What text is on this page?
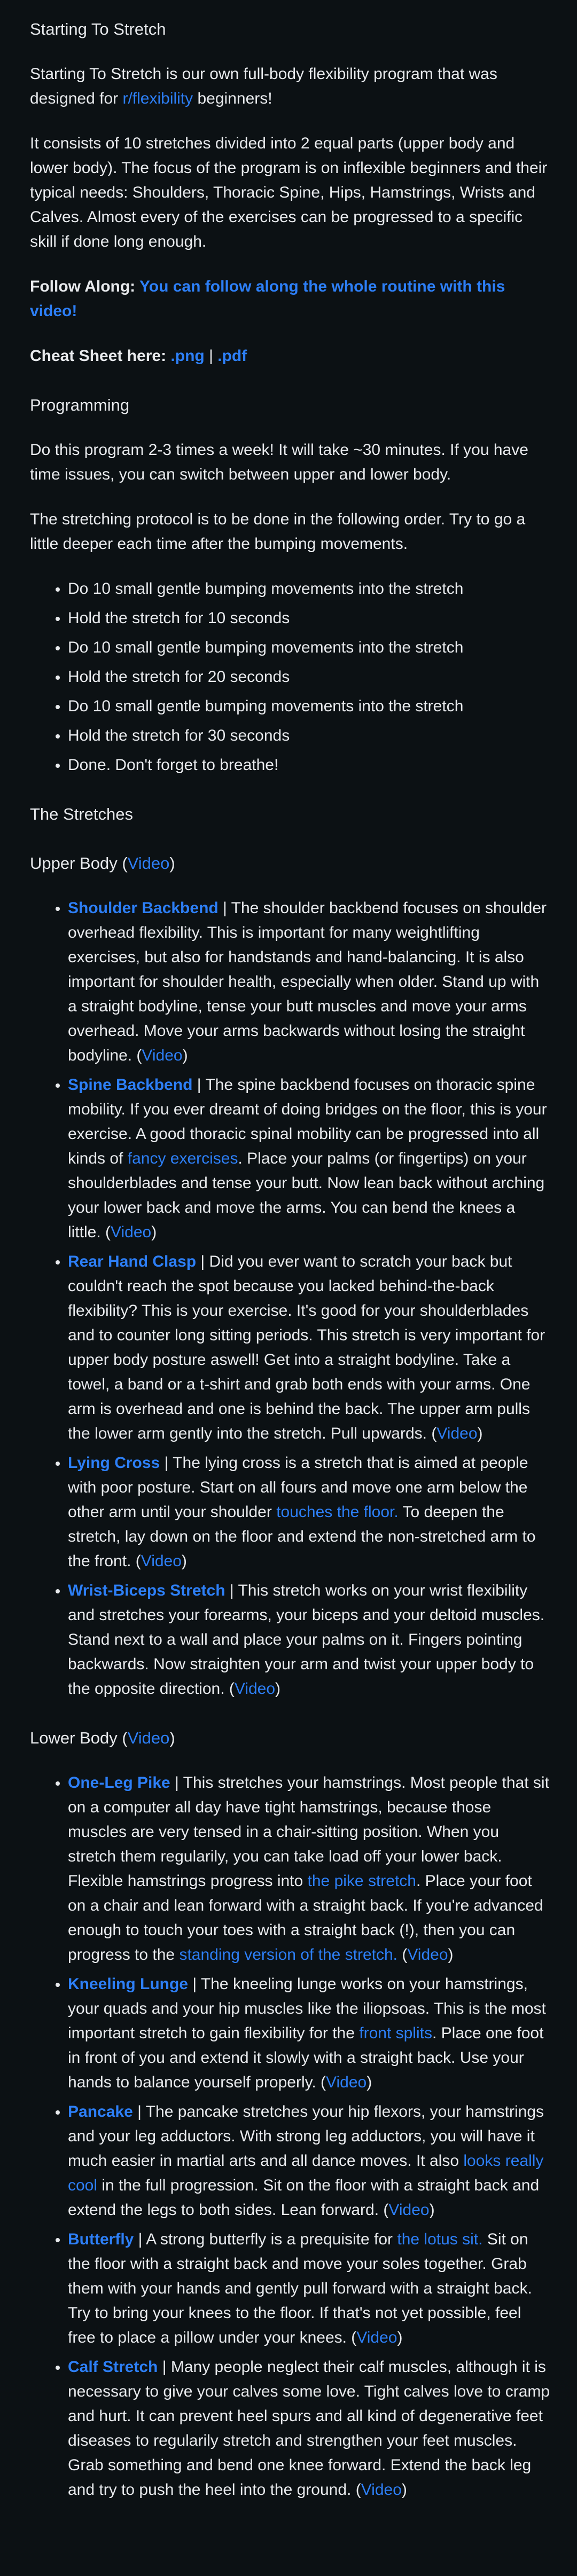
Starting To Stretch

Starting To Stretch is our own full-body flexibility program that was designed for r/flexibility beginners!

It consists of 10 stretches divided into 2 equal parts (upper body and lower body). The focus of the program is on inflexible beginners and their typical needs: Shoulders, Thoracic Spine, Hips, Hamstrings, Wrists and Calves. Almost every of the exercises can be progressed to a specific skill if done long enough.

Follow Along: You can follow along the whole routine with this video!

Cheat Sheet here: .png | .pdf

Programming

Do this program 2-3 times a week! It will take ~30 minutes. If you have time issues, you can switch between upper and lower body.

The stretching protocol is to be done in the following order. Try to go a little deeper each time after the bumping movements.

• Do 10 small gentle bumping movements into the stretch
• Hold the stretch for 10 seconds
• Do 10 small gentle bumping movements into the stretch
• Hold the stretch for 20 seconds
• Do 10 small gentle bumping movements into the stretch
• Hold the stretch for 30 seconds
• Done. Don't forget to breathe!
The Stretches
Upper Body (Video)
• Shoulder Backbend | The shoulder backbend focuses on shoulder overhead flexibility. This is important for many weightlifting exercises, but also for handstands and hand-balancing. It is also important for shoulder health, especially when older. Stand up with a straight bodyline, tense your butt muscles and move your arms overhead. Move your arms backwards without losing the straight bodyline. (Video)
• Spine Backbend | The spine backbend focuses on thoracic spine mobility. If you ever dreamt of doing bridges on the floor, this is your exercise. A good thoracic spinal mobility can be progressed into all kinds of fancy exercises. Place your palms (or fingertips) on your shoulderblades and tense your butt. Now lean back without arching your lower back and move the arms. You can bend the knees a little. (Video)
• Rear Hand Clasp | Did you ever want to scratch your back but couldn't reach the spot because you lacked behind-the-back flexibility? This is your exercise. It's good for your shoulderblades and to counter long sitting periods. This stretch is very important for upper body posture aswell! Get into a straight bodyline. Take a towel, a band or a t-shirt and grab both ends with your arms. One arm is overhead and one is behind the back. The upper arm pulls the lower arm gently into the stretch. Pull upwards. (Video)
• Lying Cross | The lying cross is a stretch that is aimed at people with poor posture. Start on all fours and move one arm below the other arm until your shoulder touches the floor. To deepen the stretch, lay down on the floor and extend the non-stretched arm to the front. (Video)
• Wrist-Biceps Stretch | This stretch works on your wrist flexibility and stretches your forearms, your biceps and your deltoid muscles. Stand next to a wall and place your palms on it. Fingers pointing backwards. Now straighten your arm and twist your upper body to the opposite direction. (Video)
Lower Body (Video)
• One-Leg Pike | This stretches your hamstrings. Most people that sit on a computer all day have tight hamstrings, because those muscles are very tensed in a chair-sitting position. When you stretch them regularily, you can take load off your lower back. Flexible hamstrings progress into the pike stretch. Place your foot on a chair and lean forward with a straight back. If you're advanced enough to touch your toes with a straight back (!), then you can progress to the standing version of the stretch. (Video)
• Kneeling Lunge | The kneeling lunge works on your hamstrings, your quads and your hip muscles like the iliopsoas. This is the most important stretch to gain flexibility for the front splits. Place one foot in front of you and extend it slowly with a straight back. Use your hands to balance yourself properly. (Video)
• Pancake | The pancake stretches your hip flexors, your hamstrings and your leg adductors. With strong leg adductors, you will have it much easier in martial arts and all dance moves. It also looks really cool in the full progression. Sit on the floor with a straight back and extend the legs to both sides. Lean forward. (Video)
• Butterfly | A strong butterfly is a prequisite for the lotus sit. Sit on the floor with a straight back and move your soles together. Grab them with your hands and gently pull forward with a straight back. Try to bring your knees to the floor. If that's not yet possible, feel free to place a pillow under your knees. (Video)
• Calf Stretch | Many people neglect their calf muscles, although it is necessary to give your calves some love. Tight calves love to cramp and hurt. It can prevent heel spurs and all kind of degenerative feet diseases to regularily stretch and strengthen your feet muscles. Grab something and bend one knee forward. Extend the back leg and try to push the heel into the ground. (Video)
